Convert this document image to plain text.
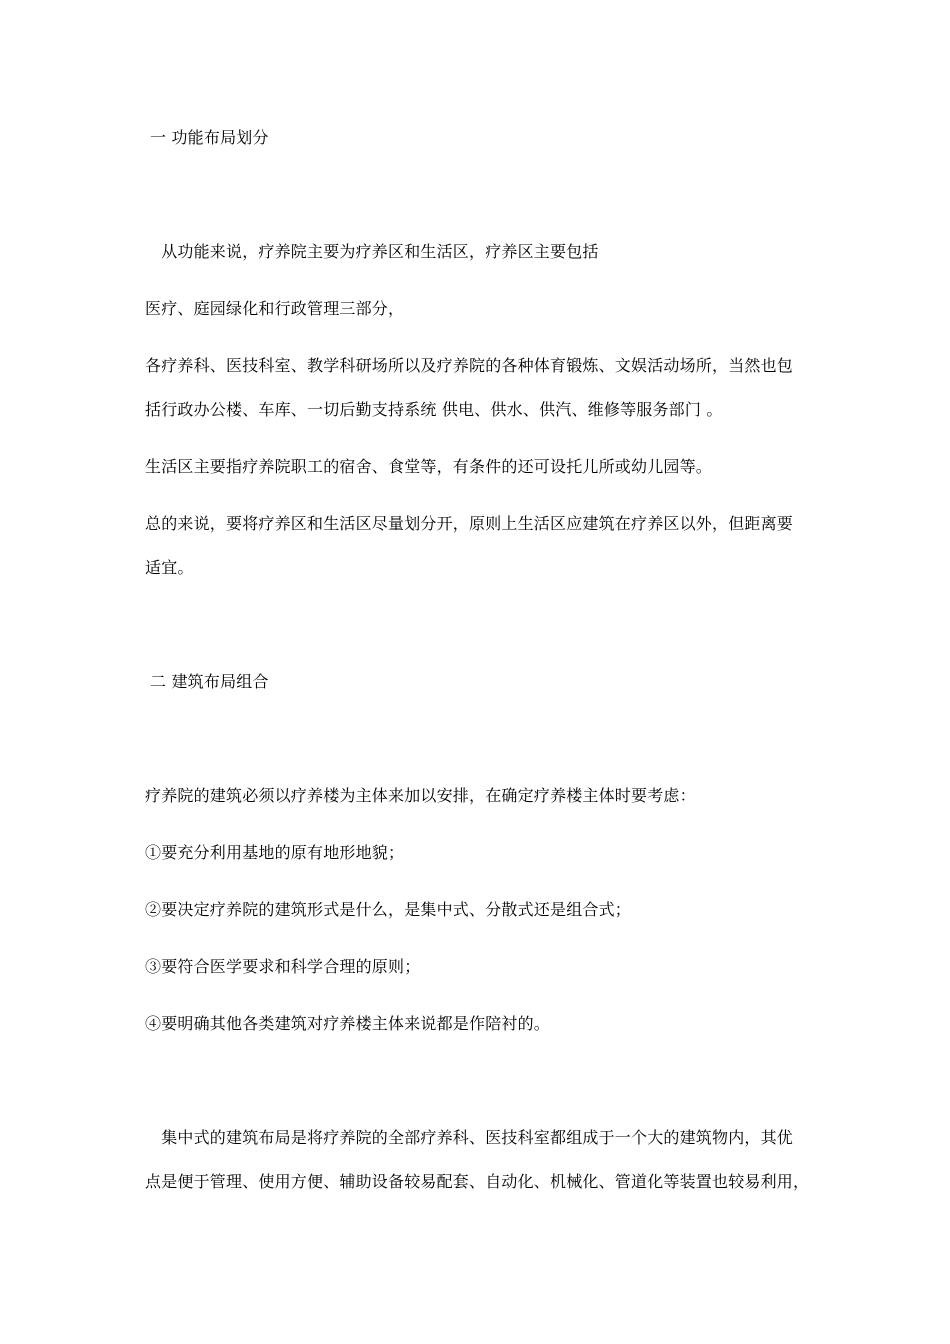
一 功能布局划分
　从功能来说，疗养院主要为疗养区和生活区，疗养区主要包括
医疗、庭园绿化和行政管理三部分，
各疗养科、医技科室、教学科研场所以及疗养院的各种体育锻炼、文娱活动场所，当然也包
括行政办公楼、车库、一切后勤支持系统 供电、供水、供汽、维修等服务部门 。
生活区主要指疗养院职工的宿舍、食堂等，有条件的还可设托儿所或幼儿园等。
总的来说，要将疗养区和生活区尽量划分开，原则上生活区应建筑在疗养区以外，但距离要
适宜。
二 建筑布局组合
疗养院的建筑必须以疗养楼为主体来加以安排，在确定疗养楼主体时要考虑：
①要充分利用基地的原有地形地貌；
②要决定疗养院的建筑形式是什么，是集中式、分散式还是组合式；
③要符合医学要求和科学合理的原则；
④要明确其他各类建筑对疗养楼主体来说都是作陪衬的。
　集中式的建筑布局是将疗养院的全部疗养科、医技科室都组成于一个大的建筑物内，其优
点是便于管理、使用方便、辅助设备较易配套、自动化、机械化、管道化等装置也较易利用，
